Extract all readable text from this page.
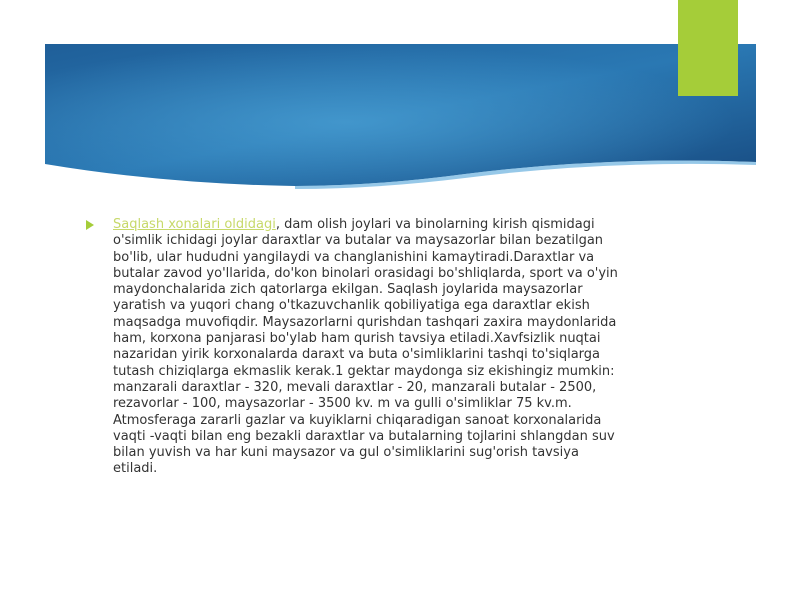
Saqlash xonalari oldidagi, dam olish joylari va binolarning kirish qismidagi o'simlik ichidagi joylar daraxtlar va butalar va maysazorlar bilan bezatilgan bo'lib, ular hududni yangilaydi va changlanishini kamaytiradi.Daraxtlar va butalar zavod yo'llarida, do'kon binolari orasidagi bo'shliqlarda, sport va o'yin maydonchalarida zich qatorlarga ekilgan. Saqlash joylarida maysazorlar yaratish va yuqori chang o'tkazuvchanlik qobiliyatiga ega daraxtlar ekish maqsadga muvofiqdir. Maysazorlarni qurishdan tashqari zaxira maydonlarida ham, korxona panjarasi bo'ylab ham qurish tavsiya etiladi.Xavfsizlik nuqtai nazaridan yirik korxonalarda daraxt va buta o'simliklarini tashqi to'siqlarga tutash chiziqlarga ekmaslik kerak.1 gektar maydonga siz ekishingiz mumkin: manzarali daraxtlar - 320, mevali daraxtlar - 20, manzarali butalar - 2500, rezavorlar - 100, maysazorlar - 3500 kv. m va gulli o'simliklar 75 kv.m.
Atmosferaga zararli gazlar va kuyiklarni chiqaradigan sanoat korxonalarida vaqti -vaqti bilan eng bezakli daraxtlar va butalarning tojlarini shlangdan suv bilan yuvish va har kuni maysazor va gul o'simliklarini sug'orish tavsiya etiladi.
